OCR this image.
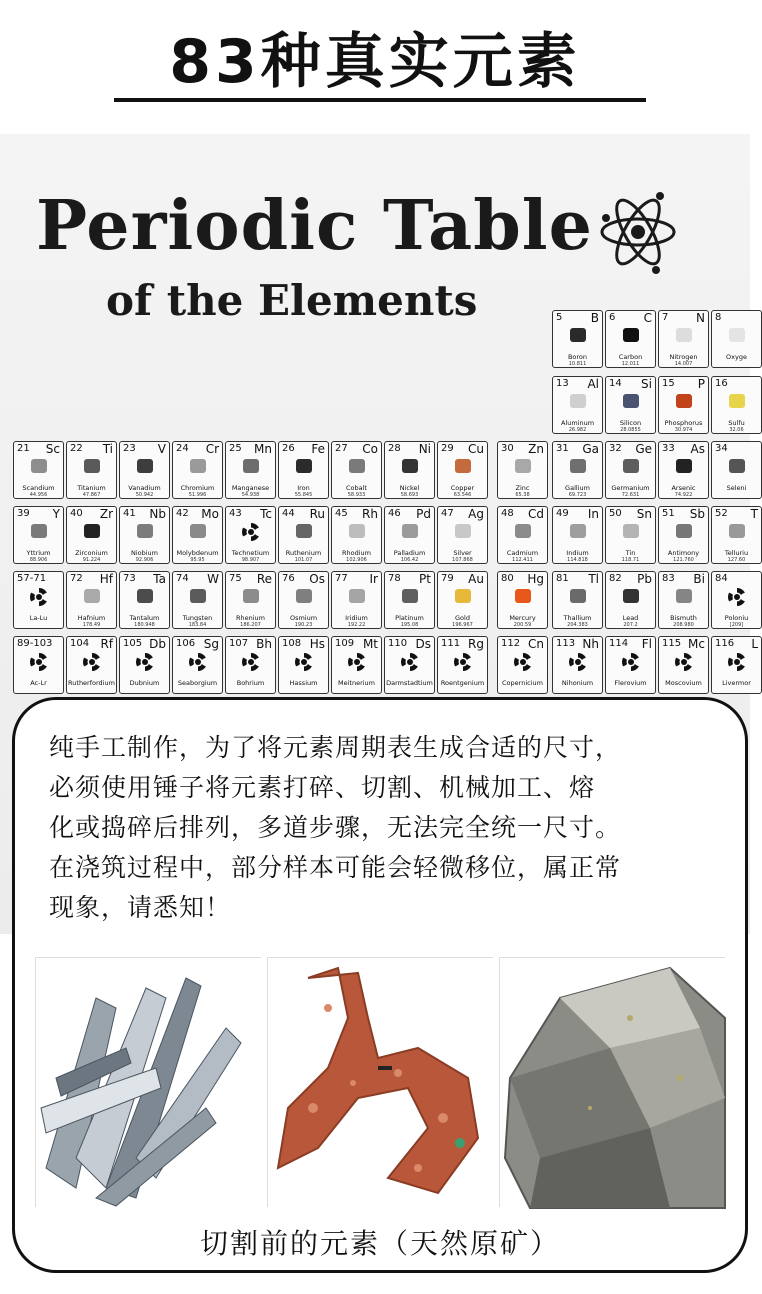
83种真实元素
Periodic Table
of the Elements	5 B
Boron
10.811
6 C
Carbon
12.011
7 N
Nitrogen
14.007
8
Oxyge
13 Al
Aluminum
26.982
14 Si
Silicon
28.0855
15 P
Phosphorus
30.974
16
Sulfu
32.06
21 Sc
Scandium
44.956
22 Ti
Titanium
47.867
23 V
Vanadium
50.942
24 Cr
Chromium
51.996
25 Mn
Manganese
54.938
26 Fe
Iron
55.845
27 Co
Cobalt
58.933
28 Ni
Nickel
58.693
29 Cu
Copper
63.546
30 Zn
Zinc
65.38
31 Ga
Gallium
69.723
32 Ge
Germanium
72.631
33 As
Arsenic
74.922
34
Seleni
39 Y
Yttrium
88.906
40 Zr
Zirconium
91.224
41 Nb
Niobium
92.906
42 Mo
Molybdenum
95.95
43 Tc
Technetium
98.907
44 Ru
Ruthenium
101.07
45 Rh
Rhodium
102.906
46 Pd
Palladium
106.42
47 Ag
Silver
107.868
48 Cd
Cadmium
112.411
49 In
Indium
114.818
50 Sn
Tin
118.71
51 Sb
Antimony
121.760
52 T
Telluriu
127.60
57-71
La-Lu
72 Hf
Hafnium
178.49
73 Ta
Tantalum
180.948
74 W
Tungsten
183.84
75 Re
Rhenium
186.207
76 Os
Osmium
190.23
77 Ir
Iridium
192.22
78 Pt
Platinum
195.08
79 Au
Gold
196.967
80 Hg
Mercury
200.59
81 Tl
Thallium
204.383
82 Pb
Lead
207.2
83 Bi
Bismuth
208.980
84
Poloniu
[209]
89-103
Ac-Lr
104 Rf
Rutherfordium
105 Db
Dubnium
106 Sg
Seaborgium
107 Bh
Bohrium
108 Hs
Hassium
109 Mt
Meitnerium
110 Ds
Darmstadtium
111 Rg
Roentgenium
112 Cn
Copernicium
113 Nh
Nihonium
114 Fl
Flerovium
115 Mc
Moscovium
116 L
Livermor
纯手工制作，为了将元素周期表生成合适的尺寸，
必须使用锤子将元素打碎、切割、机械加工、熔
化或捣碎后排列，多道步骤，无法完全统一尺寸。
在浇筑过程中，部分样本可能会轻微移位，属正常
现象，请悉知！
切割前的元素（天然原矿）
